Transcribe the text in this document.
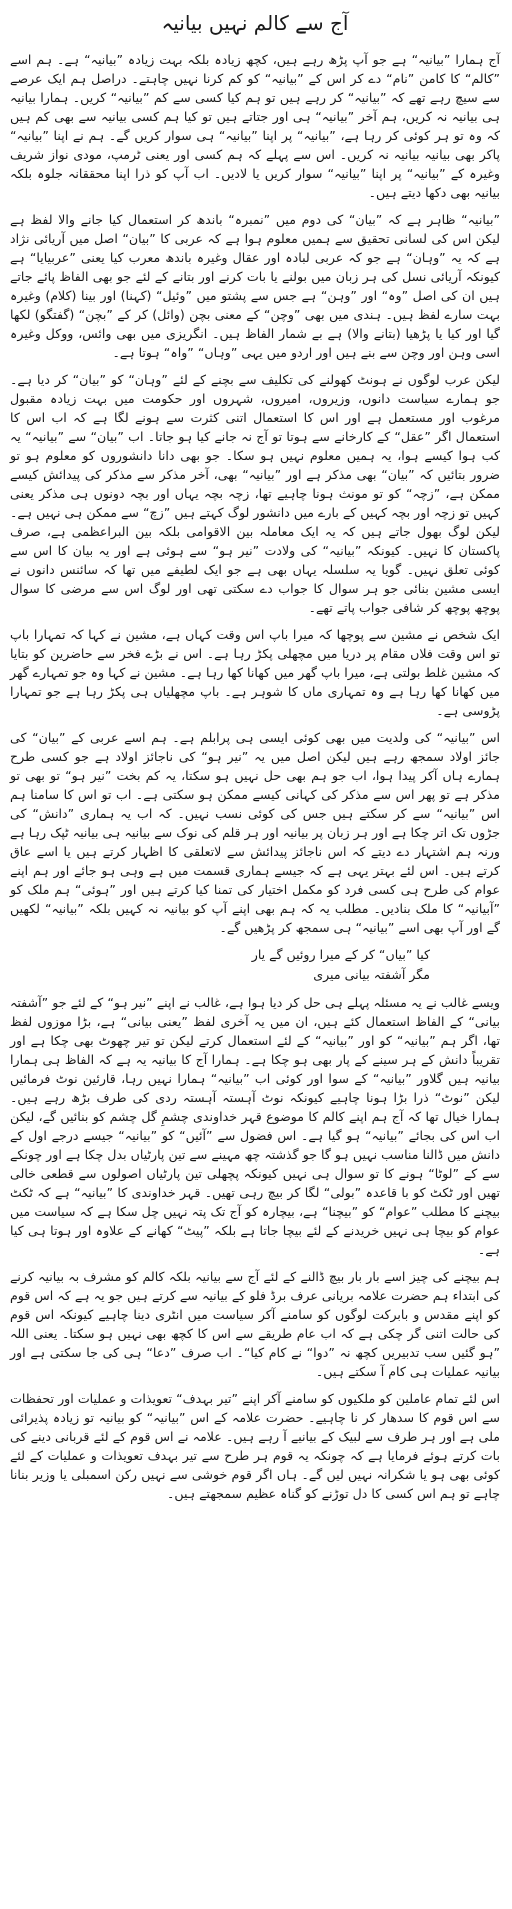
آج سے کالم نہیں بیانیہ
آج ہمارا ”بیانیہ“ ہے جو آپ پڑھ رہے ہیں، کچھ زیادہ بلکہ بہت زیادہ ”بیانیہ“ ہے۔ ہم اسے ”کالم“ کا کامن ”نام“ دے کر اس کے ”بیانیہ“ کو کم کرنا نہیں چاہتے۔ دراصل ہم ایک عرصے سے سیچ رہے تھے کہ ”بیانیہ“ کر رہے ہیں تو ہم کیا کسی سے کم ”بیانیہ“ کریں۔ ہمارا بیانیہ ہی بیانیہ نہ کریں، ہم آخر ”بیانیہ“ ہی اور جتاتے ہیں تو کیا ہم کسی بیانیہ سے بھی کم ہیں کہ وہ تو ہر کوئی کر رہا ہے، ”بیانیہ“ پر اپنا ”بیانیہ“ ہی سوار کریں گے۔ ہم نے اپنا ”بیانیہ“ پاکر بھی بیانیہ بیانیہ نہ کریں۔ اس سے پہلے کہ ہم کسی اور یعنی ٹرمپ، مودی نواز شریف وغیرہ کے ”بیانیہ“ پر اپنا ”بیانیہ“ سوار کریں یا لادیں۔ اب آپ کو ذرا اپنا محققانہ جلوہ بلکہ بیانیہ بھی دکھا دیتے ہیں۔
”بیانیہ“ ظاہر ہے کہ ”بیان“ کی دوم میں ”نمبرہ“ باندھ کر استعمال کیا جانے والا لفظ ہے لیکن اس کی لسانی تحقیق سے ہمیں معلوم ہوا ہے کہ عربی کا ”بیان“ اصل میں آریائی نژاد ہے کہ یہ ”وہان“ ہے جو کہ عربی لبادہ اور عقال وغیرہ باندھ معرب کیا یعنی ”عربیایا“ ہے کیونکہ آریائی نسل کی ہر زبان میں بولنے یا بات کرنے اور بتانے کے لئے جو بھی الفاظ پائے جاتے ہیں ان کی اصل ”وہ“ اور ”وہن“ ہے جس سے پشتو میں ”وئیل“ (کہنا) اور بینا (کلام) وغیرہ بہت سارے لفظ ہیں۔ ہندی میں بھی ”وچن“ کے معنی بچن (وائل) کر کے ”بچن“ (گفتگو) لکھا گیا اور کیا یا پڑھیا (بتانے والا) ہے بے شمار الفاظ ہیں۔ انگریزی میں بھی وائس، ووکل وغیرہ اسی وہن اور وچن سے بنے ہیں اور اردو میں یہی ”وہاں“ ”واہ“ ہوتا ہے۔
لیکن عرب لوگوں نے ہونٹ کھولنے کی تکلیف سے بچنے کے لئے ”وہان“ کو ”بیان“ کر دیا ہے۔ جو ہمارے سیاست دانوں، وزیروں، امیروں، شہروں اور حکومت میں بہت زیادہ مقبول مرغوب اور مستعمل ہے اور اس کا استعمال اتنی کثرت سے ہونے لگا ہے کہ اب اس کا استعمال اگر ”عقل“ کے کارخانے سے ہوتا تو آج نہ جانے کیا ہو جاتا۔ اب ”بیان“ سے ”بیانیہ“ یہ کب ہوا کیسے ہوا، یہ ہمیں معلوم نہیں ہو سکا۔ جو بھی دانا دانشوروں کو معلوم ہو تو ضرور بتائیں کہ ”بیان“ بھی مذکر ہے اور ”بیانیہ“ بھی، آخر مذکر سے مذکر کی پیدائش کیسے ممکن ہے، ”زچہ“ کو تو مونث ہونا چاہیے تھا، زچہ بچہ یہاں اور بچہ دونوں ہی مذکر یعنی کہیں تو زچہ اور بچہ کہیں کے بارے میں دانشور لوگ کہتے ہیں ”زچ“ سے ممکن ہی نہیں ہے۔ لیکن لوگ بھول جاتے ہیں کہ یہ ایک معاملہ بین الاقوامی بلکہ بین البراعظمی ہے، صرف پاکستان کا نہیں۔ کیونکہ ”بیانیہ“ کی ولادت ”نیر ہو“ سے ہوئی ہے اور یہ بیان کا اس سے کوئی تعلق نہیں۔ گویا یہ سلسلہ یہاں بھی ہے جو ایک لطیفے میں تھا کہ سائنس دانوں نے ایسی مشین بنائی جو ہر سوال کا جواب دے سکتی تھی اور لوگ اس سے مرضی کا سوال پوچھ پوچھ کر شافی جواب پاتے تھے۔
ایک شخص نے مشین سے پوچھا کہ میرا باپ اس وقت کہاں ہے، مشین نے کہا کہ تمہارا باپ تو اس وقت فلاں مقام پر دریا میں مچھلی پکڑ رہا ہے۔ اس نے بڑے فخر سے حاضرین کو بتایا کہ مشین غلط بولتی ہے، میرا باپ گھر میں کھانا کھا رہا ہے۔ مشین نے کہا وہ جو تمہارے گھر میں کھانا کھا رہا ہے وہ تمہاری ماں کا شوہر ہے۔ باپ مچھلیاں ہی پکڑ رہا ہے جو تمہارا پڑوسی ہے۔
اس ”بیانیہ“ کی ولدیت میں بھی کوئی ایسی ہی پرابلم ہے۔ ہم اسے عربی کے ”بیان“ کی جائز اولاد سمجھ رہے ہیں لیکن اصل میں یہ ”نیر ہو“ کی ناجائز اولاد ہے جو کسی طرح ہمارے ہاں آکر پیدا ہوا، اب جو ہم بھی حل نہیں ہو سکتا، یہ کم بخت ”نیر ہو“ تو بھی تو مذکر ہے تو پھر اس سے مذکر کی کہانی کیسے ممکن ہو سکتی ہے۔ اب تو اس کا سامنا ہم اس ”بیانیہ“ سے کر سکتے ہیں جس کی کوئی نسب نہیں۔ کہ اب یہ ہماری ”دانش“ کی جڑوں تک اتر چکا ہے اور ہر زبان پر بیانیہ اور ہر قلم کی نوک سے بیانیہ ہی بیانیہ ٹپک رہا ہے ورنہ ہم اشتہار دے دیتے کہ اس ناجائز پیدائش سے لاتعلقی کا اظہار کرتے ہیں یا اسے عاق کرتے ہیں۔ اس لئے بہتر یہی ہے کہ جیسے ہماری قسمت میں ہے وہی ہو جائے اور ہم اپنے عوام کی طرح ہی کسی فرد کو مکمل اختیار کی تمنا کیا کرتے ہیں اور ”ہوئی“ ہم ملک کو ”آبیانیہ“ کا ملک بنادیں۔ مطلب یہ کہ ہم بھی اپنے آپ کو بیانیہ نہ کہیں بلکہ ”بیانیہ“ لکھیں گے اور آپ بھی اسے ”بیانیہ“ ہی سمجھ کر پڑھیں گے۔
کیا ”بیاں“ کر کے میرا روئیں گے یار
مگر آشفتہ بیانی میری
ویسے غالب نے یہ مسئلہ پہلے ہی حل کر دیا ہوا ہے، غالب نے اپنے ”نیر ہو“ کے لئے جو ”آشفتہ بیانی“ کے الفاظ استعمال کئے ہیں، ان میں یہ آخری لفظ ”یعنی بیانی“ ہے، بڑا موزوں لفظ تھا، اگر ہم ”بیانیہ“ کو اور ”بیانیہ“ کے لئے استعمال کرتے لیکن تو تیر چھوٹ بھی چکا ہے اور تقریباً دانش کے ہر سینے کے پار بھی ہو چکا ہے۔ ہمارا آج کا بیانیہ یہ ہے کہ الفاظ ہی ہمارا بیانیہ ہیں گلاور ”بیانیہ“ کے سوا اور کوئی اب ”بیانیہ“ ہمارا نہیں رہا، قارئین نوٹ فرمائیں لیکن ”نوٹ“ ذرا بڑا ہونا چاہیے کیونکہ نوٹ آہستہ آہستہ ردی کی طرف بڑھ رہے ہیں۔ ہمارا خیال تھا کہ آج ہم اپنے کالم کا موضوع قہر خداوندی چشمِ گل چشم کو بنائیں گے، لیکن اب اس کی بجائے ”بیانیہ“ ہو گیا ہے۔ اس فضول سے ”آئیں“ کو ”بیانیہ“ جیسے درجے اول کے دانش میں ڈالنا مناسب نہیں ہو گا جو گذشتہ چھ مہینے سے تین پارٹیاں بدل چکا ہے اور چونکے سے کے ”لوٹا“ ہونے کا تو سوال ہی نہیں کیونکہ پچھلی تین پارٹیاں اصولوں سے قطعی خالی تھیں اور ٹکٹ کو با قاعدہ ”بولی“ لگا کر بیچ رہی تھیں۔ قہر خداوندی کا ”بیانیہ“ ہے کہ ٹکٹ بیچنے کا مطلب ”عوام“ کو ”بیچنا“ ہے، بیچارہ کو آج تک پتہ نہیں چل سکا ہے کہ سیاست میں عوام کو بیچا ہی نہیں خریدنے کے لئے بیچا جاتا ہے بلکہ ”پیٹ“ کھانے کے علاوہ اور ہوتا ہی کیا ہے۔
ہم بیچنے کی چیز اسے بار بار بیچ ڈالنے کے لئے آج سے بیانیہ بلکہ کالم کو مشرف بہ بیانیہ کرنے کی ابتداء ہم حضرت علامہ بریانی عرف برڈ فلو کے بیانیہ سے کرتے ہیں جو یہ ہے کہ اس قوم کو اپنے مقدس و بابرکت لوگوں کو سامنے آکر سیاست میں انٹری دینا چاہیے کیونکہ اس قوم کی حالت اتنی گر چکی ہے کہ اب عام طریقے سے اس کا کچھ بھی نہیں ہو سکتا۔ یعنی اللہ ”ہو گئیں سب تدبیریں کچھ نہ ”دوا“ نے کام کیا“۔ اب صرف ”دعا“ ہی کی جا سکتی ہے اور بیانیہ عملیات ہی کام آ سکتے ہیں۔
اس لئے تمام عاملین کو ملکیوں کو سامنے آکر اپنے ”تیر بہدف“ تعویذات و عملیات اور تحفظات سے اس قوم کا سدھار کر نا چاہیے۔ حضرت علامہ کے اس ”بیانیہ“ کو بیانیہ تو زیادہ پذیرائی ملی ہے اور ہر طرف سے لبیک کے بیانیے آ رہے ہیں۔ علامہ نے اس قوم کے لئے قربانی دینے کی بات کرتے ہوئے فرمایا ہے کہ چونکہ یہ قوم ہر طرح سے تیر بہدف تعویذات و عملیات کے لئے کوئی بھی ہو یا شکرانہ نہیں لیں گے۔ ہاں اگر قوم خوشی سے نہیں رکن اسمبلی یا وزیر بنانا چاہے تو ہم اس کسی کا دل توڑنے کو گناہ عظیم سمجھتے ہیں۔
